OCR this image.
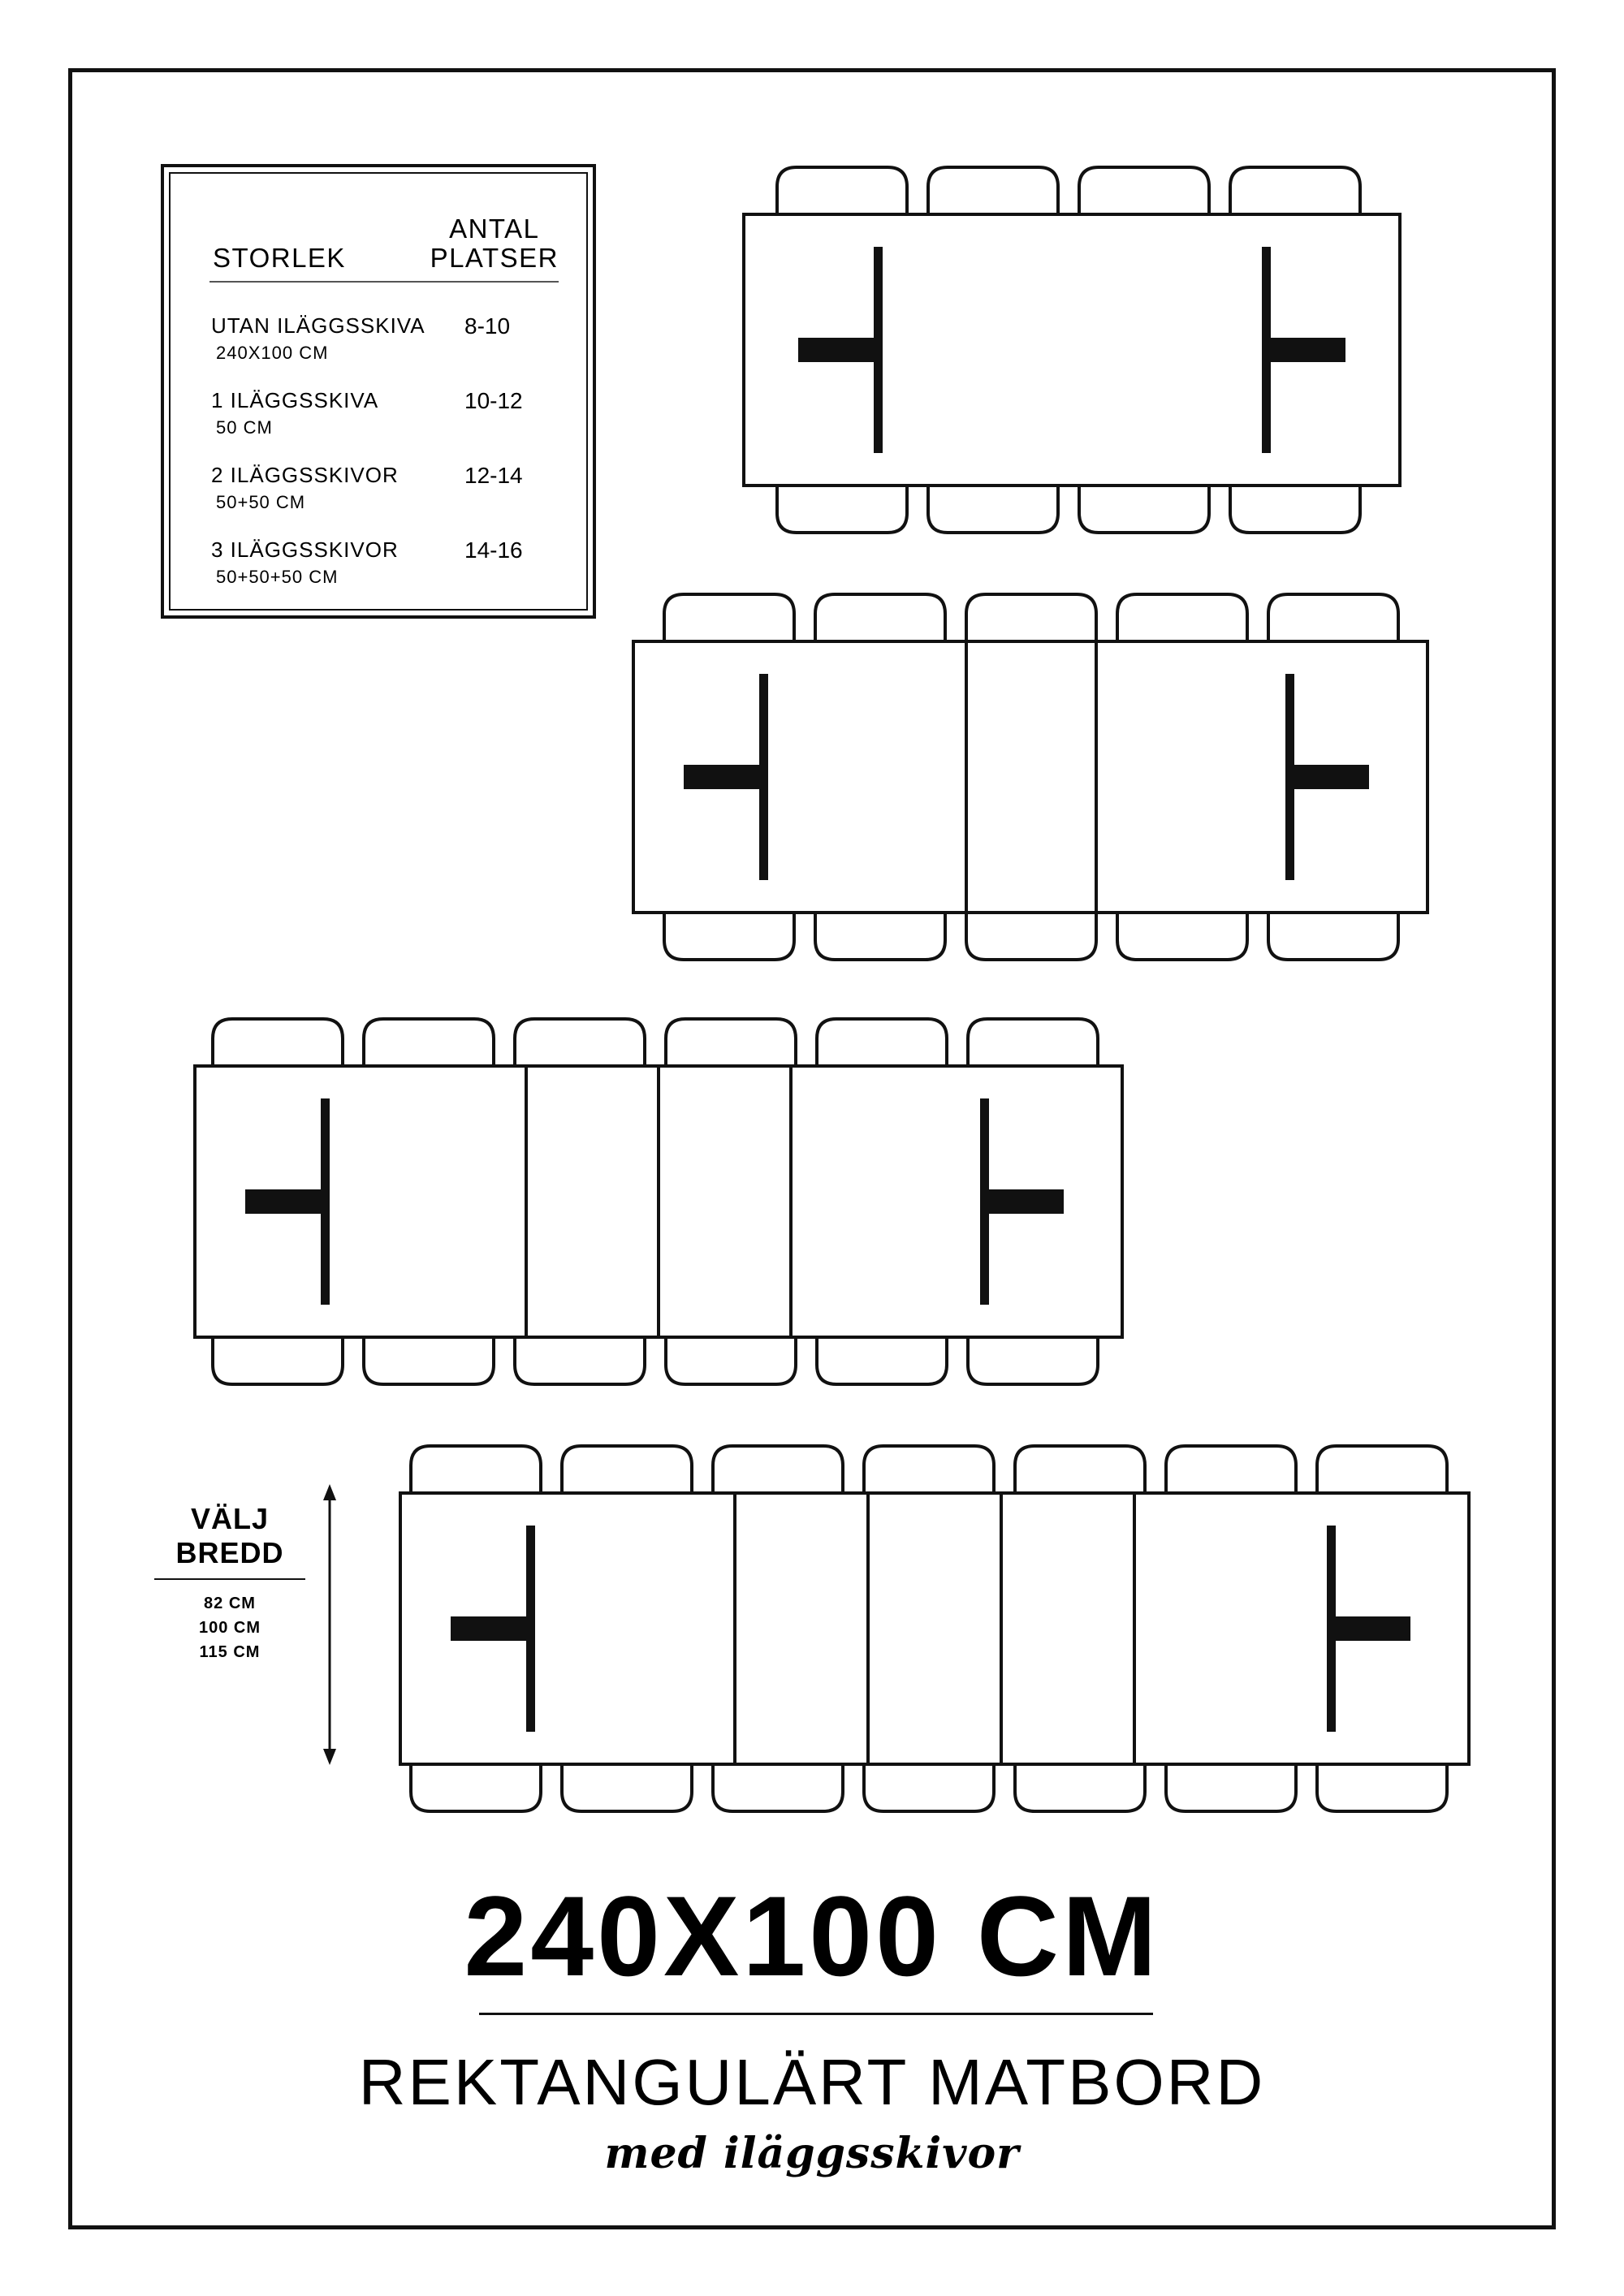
STORLEK
ANTAL
PLATSER
UTAN ILÄGGSSKIVA
240X100 CM
8-10
1 ILÄGGSSKIVA
50 CM
10-12
2 ILÄGGSSKIVOR
50+50 CM
12-14
3 ILÄGGSSKIVOR
50+50+50 CM
14-16
VÄLJ
BREDD
82 CM
100 CM
115 CM
240X100 CM
REKTANGULÄRT MATBORD
med iläggsskivor
